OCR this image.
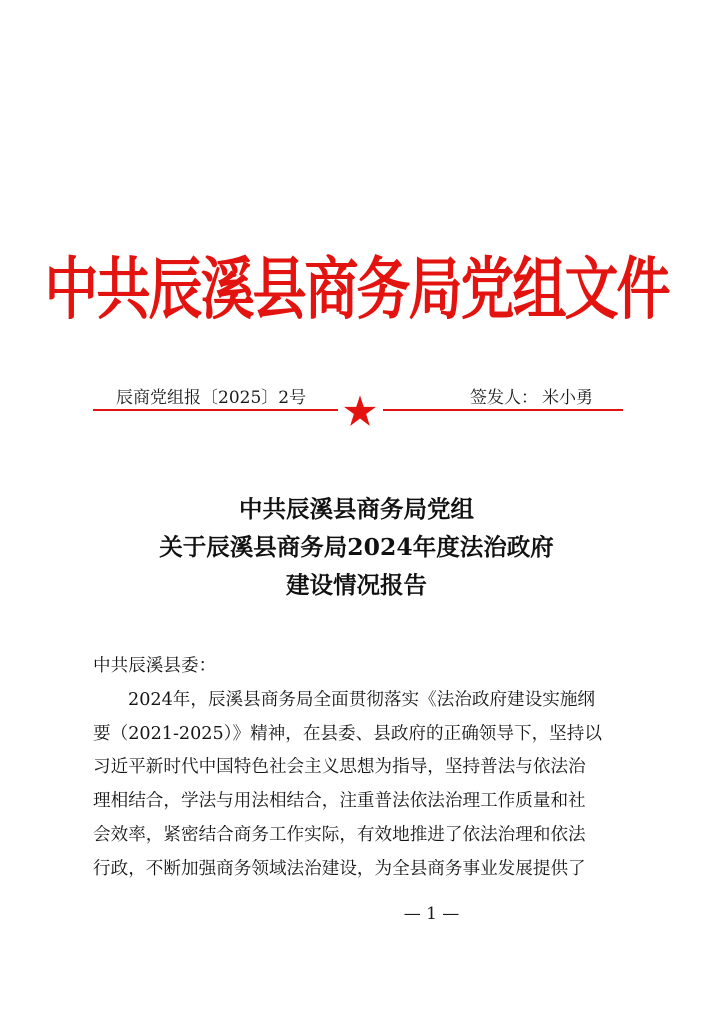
中共辰溪县商务局党组文件
辰商党组报〔2025〕2号	签发人： 米小勇
中共辰溪县商务局党组
关于辰溪县商务局2024年度法治政府
建设情况报告
中共辰溪县委：
2024年，辰溪县商务局全面贯彻落实《法治政府建设实施纲
要（2021-2025）》精神，在县委、县政府的正确领导下，坚持以
习近平新时代中国特色社会主义思想为指导，坚持普法与依法治
理相结合，学法与用法相结合，注重普法依法治理工作质量和社
会效率，紧密结合商务工作实际，有效地推进了依法治理和依法
行政，不断加强商务领域法治建设，为全县商务事业发展提供了
— 1 —
